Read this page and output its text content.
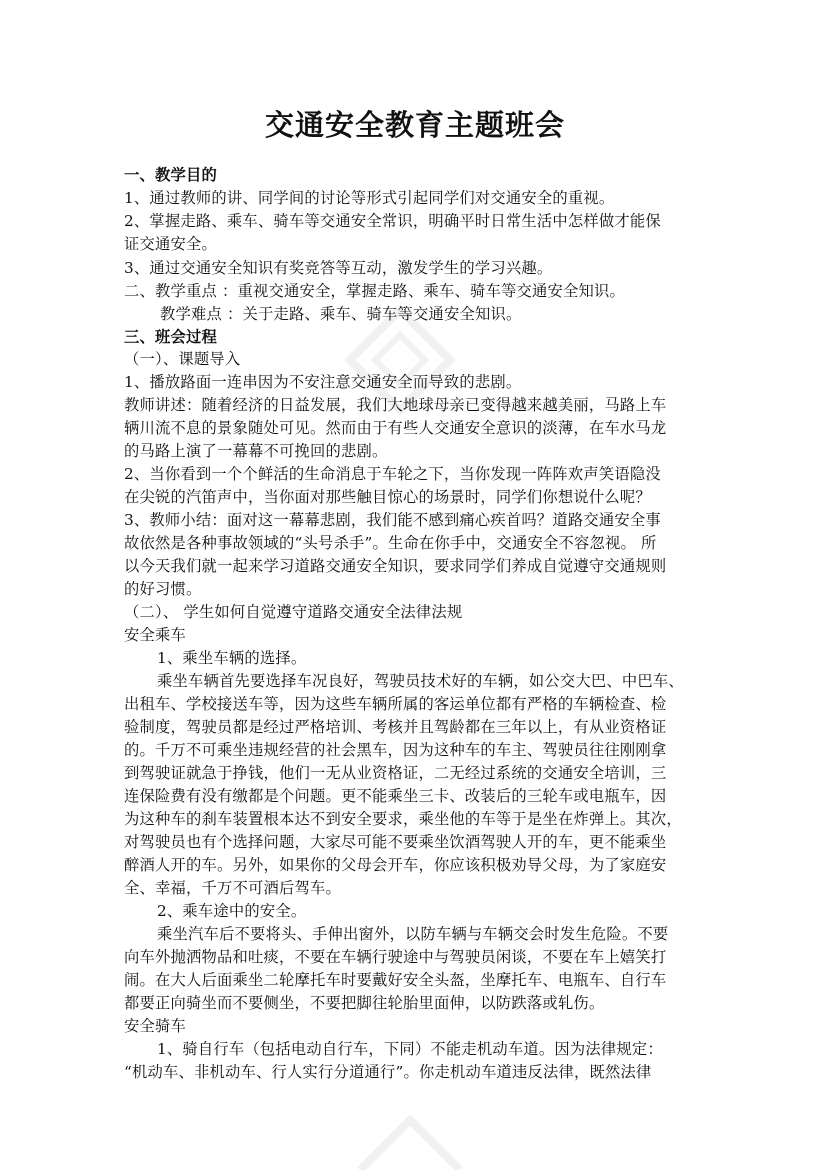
交通安全教育主题班会
一、教学目的
1、通过教师的讲、同学间的讨论等形式引起同学们对交通安全的重视。
2、掌握走路、乘车、骑车等交通安全常识，明确平时日常生活中怎样做才能保
证交通安全。
3、通过交通安全知识有奖竞答等互动，激发学生的学习兴趣。
二、教学重点 ：重视交通安全，掌握走路、乘车、骑车等交通安全知识。
教学难点 ：关于走路、乘车、骑车等交通安全知识。
三、班会过程
（一）、课题导入
1、播放路面一连串因为不安注意交通安全而导致的悲剧。
教师讲述：随着经济的日益发展，我们大地球母亲已变得越来越美丽，马路上车
辆川流不息的景象随处可见。然而由于有些人交通安全意识的淡薄，在车水马龙
的马路上演了一幕幕不可挽回的悲剧。
2、当你看到一个个鲜活的生命消息于车轮之下，当你发现一阵阵欢声笑语隐没
在尖锐的汽笛声中，当你面对那些触目惊心的场景时，同学们你想说什么呢？
3、教师小结：面对这一幕幕悲剧，我们能不感到痛心疾首吗？道路交通安全事
故依然是各种事故领域的“头号杀手”。生命在你手中，交通安全不容忽视。 所
以今天我们就一起来学习道路交通安全知识，要求同学们养成自觉遵守交通规则
的好习惯。
（二）、 学生如何自觉遵守道路交通安全法律法规
安全乘车
1、乘坐车辆的选择。
乘坐车辆首先要选择车况良好，驾驶员技术好的车辆，如公交大巴、中巴车、
出租车、学校接送车等，因为这些车辆所属的客运单位都有严格的车辆检查、检
验制度，驾驶员都是经过严格培训、考核并且驾龄都在三年以上，有从业资格证
的。千万不可乘坐违规经营的社会黑车，因为这种车的车主、驾驶员往往刚刚拿
到驾驶证就急于挣钱，他们一无从业资格证，二无经过系统的交通安全培训，三
连保险费有没有缴都是个问题。更不能乘坐三卡、改装后的三轮车或电瓶车，因
为这种车的刹车装置根本达不到安全要求，乘坐他的车等于是坐在炸弹上。其次，
对驾驶员也有个选择问题，大家尽可能不要乘坐饮酒驾驶人开的车，更不能乘坐
醉酒人开的车。另外，如果你的父母会开车，你应该积极劝导父母，为了家庭安
全、幸福，千万不可酒后驾车。
2、乘车途中的安全。
乘坐汽车后不要将头、手伸出窗外，以防车辆与车辆交会时发生危险。不要
向车外抛洒物品和吐痰，不要在车辆行驶途中与驾驶员闲谈，不要在车上嬉笑打
闹。在大人后面乘坐二轮摩托车时要戴好安全头盔，坐摩托车、电瓶车、自行车
都要正向骑坐而不要侧坐，不要把脚往轮胎里面伸，以防跌落或轧伤。
安全骑车
1、骑自行车（包括电动自行车，下同）不能走机动车道。因为法律规定：
“机动车、非机动车、行人实行分道通行”。你走机动车道违反法律，既然法律
